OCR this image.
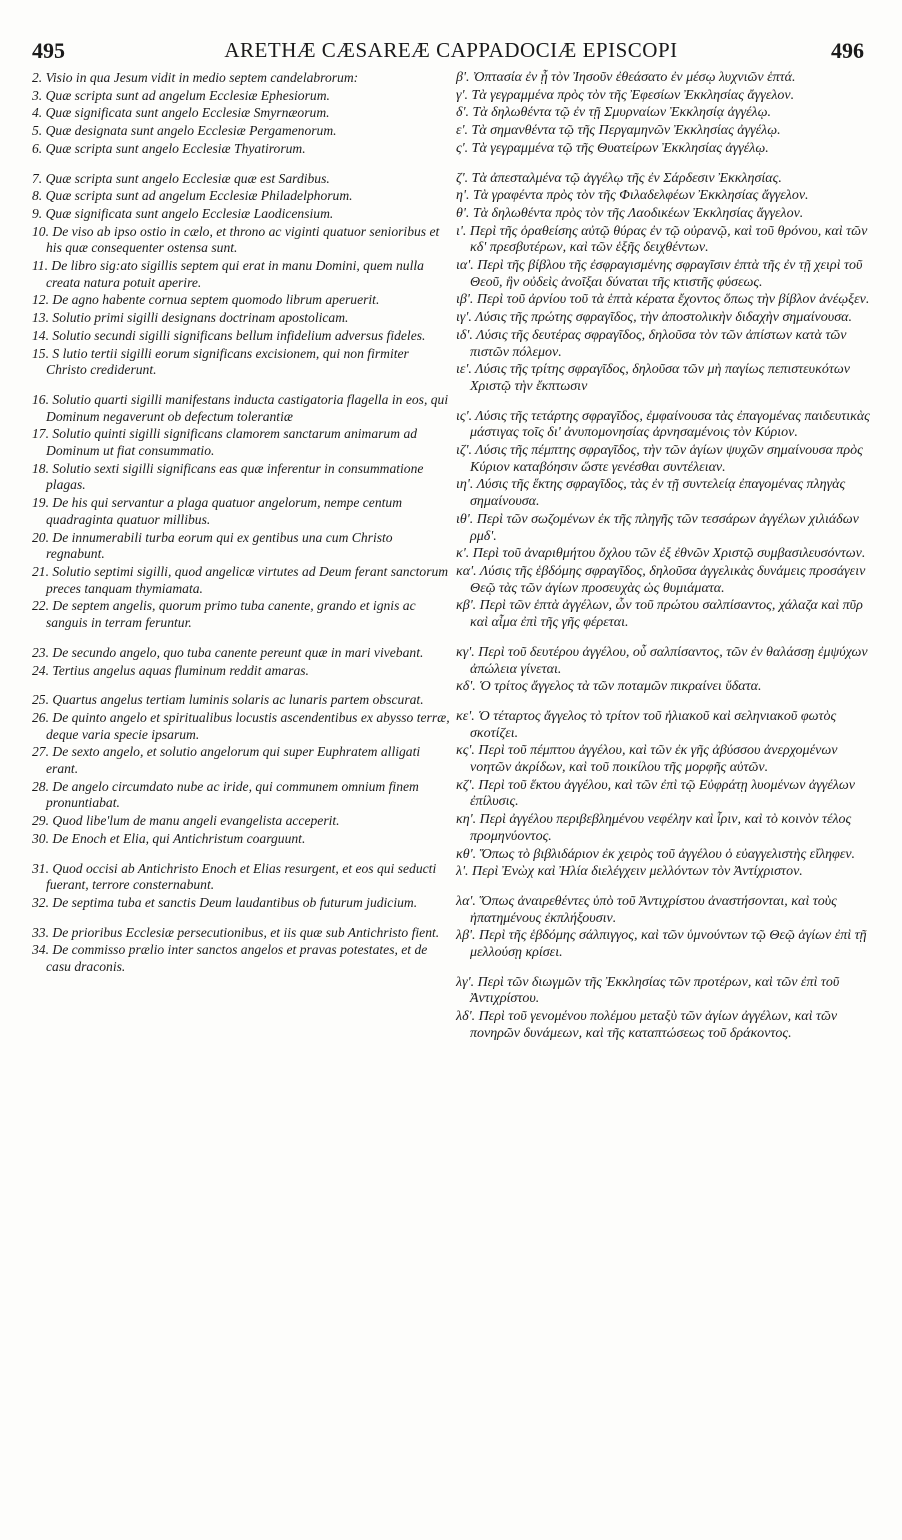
495	ARETHÆ CÆSAREÆ CAPPADOCIÆ EPISCOPI	496
2. Visio in qua Jesum vidit in medio septem candelabrorum:
3. Quæ scripta sunt ad angelum Ecclesiæ Ephesiorum.
4. Quæ significata sunt angelo Ecclesiæ Smyrnæorum.
5. Quæ designata sunt angelo Ecclesiæ Pergamenorum.
6. Quæ scripta sunt angelo Ecclesiæ Thyatirorum.
7. Quæ scripta sunt angelo Ecclesiæ quæ est Sardibus.
8. Quæ scripta sunt ad angelum Ecclesiæ Philadelphorum.
9. Quæ significata sunt angelo Ecclesiæ Laodicensium.
10. De viso ab ipso ostio in cælo, et throno ac viginti quatuor senioribus et his quæ consequenter ostensa sunt.
11. De libro sig:ato sigillis septem qui erat in manu Domini, quem nulla creata natura potuit aperire.
12. De agno habente cornua septem quomodo librum aperuerit.
13. Solutio primi sigilli designans doctrinam apostolicam.
14. Solutio secundi sigilli significans bellum infidelium adversus fideles.
15. S lutio tertii sigilli eorum significans excisionem, qui non firmiter Christo crediderunt.
16. Solutio quarti sigilli manifestans inducta castigatoria flagella in eos, qui Dominum negaverunt ob defectum tolerantiæ
17. Solutio quinti sigilli significans clamorem sanctarum animarum ad Dominum ut fiat consummatio.
18. Solutio sexti sigilli significans eas quæ inferentur in consummatione plagas.
19. De his qui servantur a plaga quatuor angelorum, nempe centum quadraginta quatuor millibus.
20. De innumerabili turba eorum qui ex gentibus una cum Christo regnabunt.
21. Solutio septimi sigilli, quod angelicæ virtutes ad Deum ferant sanctorum preces tanquam thymiamata.
22. De septem angelis, quorum primo tuba canente, grando et ignis ac sanguis in terram feruntur.
23. De secundo angelo, quo tuba canente pereunt quæ in mari vivebant.
24. Tertius angelus aquas fluminum reddit amaras.
25. Quartus angelus tertiam luminis solaris ac lunaris partem obscurat.
26. De quinto angelo et spiritualibus locustis ascendentibus ex abysso terræ, deque varia specie ipsarum.
27. De sexto angelo, et solutio angelorum qui super Euphratem alligati erant.
28. De angelo circumdato nube ac iride, qui communem omnium finem pronuntiabat.
29. Quod libe'lum de manu angeli evangelista acceperit.
30. De Enoch et Elia, qui Antichristum coarguunt.
31. Quod occisi ab Antichristo Enoch et Elias resurgent, et eos qui seducti fuerant, terrore consternabunt.
32. De septima tuba et sanctis Deum laudantibus ob futurum judicium.
33. De prioribus Ecclesiæ persecutionibus, et iis quæ sub Antichristo fient.
34. De commisso prælio inter sanctos angelos et pravas potestates, et de casu draconis.
β'. Ὀπτασία ἐν ᾗ τὸν Ἰησοῦν ἐθεάσατο ἐν μέσῳ λυχνιῶν ἑπτά.
γ'. Τὰ γεγραμμένα πρὸς τὸν τῆς Ἐφεσίων Ἐκκλησίας ἄγγελον.
δ'. Τὰ δηλωθέντα τῷ ἐν τῇ Σμυρναίων Ἐκκλησίᾳ ἀγγέλῳ.
ε'. Τὰ σημανθέντα τῷ τῆς Περγαμηνῶν Ἐκκλησίας ἀγγέλῳ.
ς'. Τὰ γεγραμμένα τῷ τῆς Θυατείρων Ἐκκλησίας ἀγγέλῳ.
ζ'. Τὰ ἀπεσταλμένα τῷ ἀγγέλῳ τῆς ἐν Σάρδεσιν Ἐκκλησίας.
η'. Τὰ γραφέντα πρὸς τὸν τῆς Φιλαδελφέων Ἐκκλησίας ἄγγελον.
θ'. Τὰ δηλωθέντα πρὸς τὸν τῆς Λαοδικέων Ἐκκλησίας ἄγγελον.
ι'. Περὶ τῆς ὁραθείσης αὐτῷ θύρας ἐν τῷ οὐρανῷ, καὶ τοῦ θρόνου, καὶ τῶν κδ' πρεσβυτέρων, καὶ τῶν ἑξῆς δειχθέντων.
ια'. Περὶ τῆς βίβλου τῆς ἐσφραγισμένης σφραγῖσιν ἑπτὰ τῆς ἐν τῇ χειρὶ τοῦ Θεοῦ, ἣν οὐδεὶς ἀνοῖξαι δύναται τῆς κτιστῆς φύσεως.
ιβ'. Περὶ τοῦ ἀρνίου τοῦ τὰ ἑπτὰ κέρατα ἔχοντος ὅπως τὴν βίβλον ἀνέῳξεν.
ιγ'. Λύσις τῆς πρώτης σφραγῖδος, τὴν ἀποστολικὴν διδαχὴν σημαίνουσα.
ιδ'. Λύσις τῆς δευτέρας σφραγῖδος, δηλοῦσα τὸν τῶν ἀπίστων κατὰ τῶν πιστῶν πόλεμον.
ιε'. Λύσις τῆς τρίτης σφραγῖδος, δηλοῦσα τῶν μὴ παγίως πεπιστευκότων Χριστῷ τὴν ἔκπτωσιν
ις'. Λύσις τῆς τετάρτης σφραγῖδος, ἐμφαίνουσα τὰς ἐπαγομένας παιδευτικὰς μάστιγας τοῖς δι' ἀνυπομονησίας ἀρνησαμένοις τὸν Κύριον.
ιζ'. Λύσις τῆς πέμπτης σφραγῖδος, τὴν τῶν ἁγίων ψυχῶν σημαίνουσα πρὸς Κύριον καταβόησιν ὥστε γενέσθαι συντέλειαν.
ιη'. Λύσις τῆς ἕκτης σφραγῖδος, τὰς ἐν τῇ συντελείᾳ ἐπαγομένας πληγὰς σημαίνουσα.
ιθ'. Περὶ τῶν σωζομένων ἐκ τῆς πληγῆς τῶν τεσσάρων ἀγγέλων χιλιάδων ρμδ'.
κ'. Περὶ τοῦ ἀναριθμήτου ὄχλου τῶν ἐξ ἐθνῶν Χριστῷ συμβασιλευσόντων.
κα'. Λύσις τῆς ἑβδόμης σφραγῖδος, δηλοῦσα ἀγγελικὰς δυνάμεις προσάγειν Θεῷ τὰς τῶν ἁγίων προσευχὰς ὡς θυμιάματα.
κβ'. Περὶ τῶν ἑπτὰ ἀγγέλων, ὧν τοῦ πρώτου σαλπίσαντος, χάλαζα καὶ πῦρ καὶ αἷμα ἐπὶ τῆς γῆς φέρεται.
κγ'. Περὶ τοῦ δευτέρου ἀγγέλου, οὗ σαλπίσαντος, τῶν ἐν θαλάσσῃ ἐμψύχων ἀπώλεια γίνεται.
κδ'. Ὁ τρίτος ἄγγελος τὰ τῶν ποταμῶν πικραίνει ὕδατα.
κε'. Ὁ τέταρτος ἄγγελος τὸ τρίτον τοῦ ἡλιακοῦ καὶ σεληνιακοῦ φωτὸς σκοτίζει.
κς'. Περὶ τοῦ πέμπτου ἀγγέλου, καὶ τῶν ἐκ γῆς ἀβύσσου ἀνερχομένων νοητῶν ἀκρίδων, καὶ τοῦ ποικίλου τῆς μορφῆς αὐτῶν.
κζ'. Περὶ τοῦ ἕκτου ἀγγέλου, καὶ τῶν ἐπὶ τῷ Εὐφράτῃ λυομένων ἀγγέλων ἐπίλυσις.
κη'. Περὶ ἀγγέλου περιβεβλημένου νεφέλην καὶ ἶριν, καὶ τὸ κοινὸν τέλος προμηνύοντος.
κθ'. Ὅπως τὸ βιβλιδάριον ἐκ χειρὸς τοῦ ἀγγέλου ὁ εὐαγγελιστὴς εἴληφεν.
λ'. Περὶ Ἐνὼχ καὶ Ἠλία διελέγχειν μελλόντων τὸν Ἀντίχριστον.
λα'. Ὅπως ἀναιρεθέντες ὑπὸ τοῦ Ἀντιχρίστου ἀναστήσονται, καὶ τοὺς ἠπατημένους ἐκπλήξουσιν.
λβ'. Περὶ τῆς ἑβδόμης σάλπιγγος, καὶ τῶν ὑμνούντων τῷ Θεῷ ἁγίων ἐπὶ τῇ μελλούσῃ κρίσει.
λγ'. Περὶ τῶν διωγμῶν τῆς Ἐκκλησίας τῶν προτέρων, καὶ τῶν ἐπὶ τοῦ Ἀντιχρίστου.
λδ'. Περὶ τοῦ γενομένου πολέμου μεταξὺ τῶν ἁγίων ἀγγέλων, καὶ τῶν πονηρῶν δυνάμεων, καὶ τῆς καταπτώσεως τοῦ δράκοντος.
